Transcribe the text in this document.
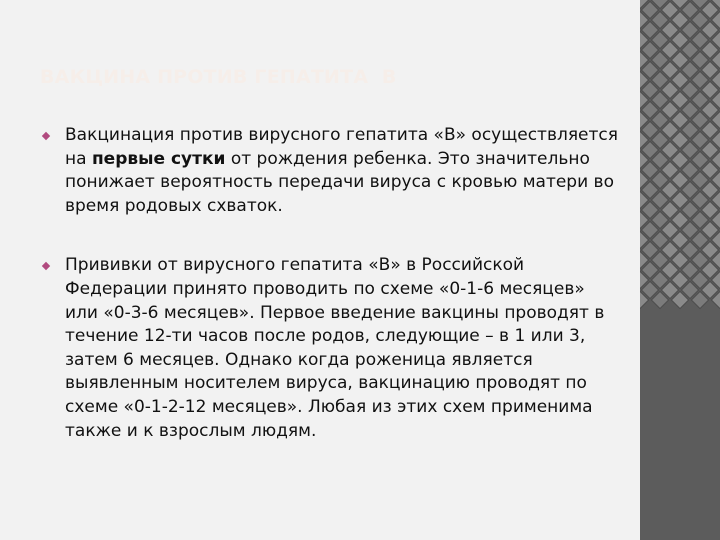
ВАКЦИНА ПРОТИВ ГЕПАТИТА  В
Вакцинация против вирусного гепатита «В» осуществляется на первые сутки от рождения ребенка. Это значительно понижает вероятность передачи вируса с кровью матери во время родовых схваток.
Прививки от вирусного гепатита «В» в Российской Федерации принято проводить по схеме «0-1-6 месяцев» или «0-3-6 месяцев». Первое введение вакцины проводят в течение 12-ти часов после родов, следующие – в 1 или 3, затем 6 месяцев. Однако когда роженица является выявленным носителем вируса, вакцинацию проводят по схеме «0-1-2-12 месяцев». Любая из этих схем применима также и к взрослым людям.
